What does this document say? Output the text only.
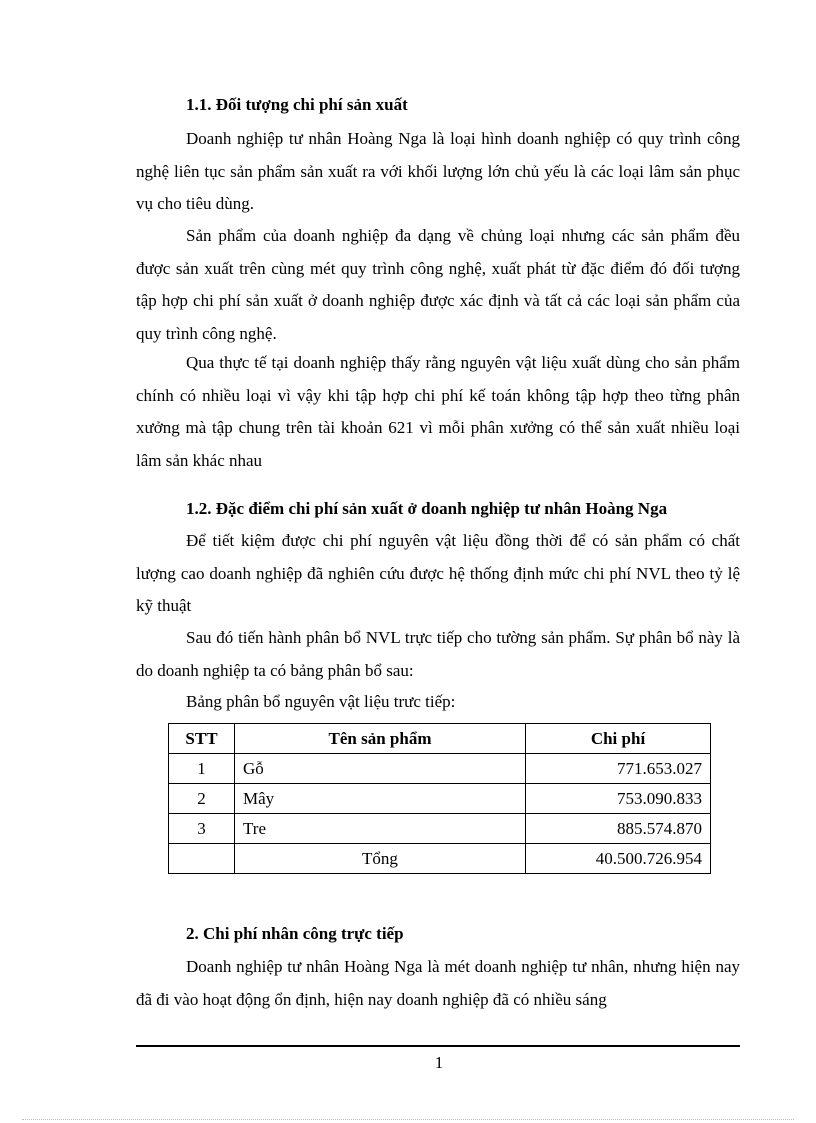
1.1. Đối tượng chi phí sản xuất

Doanh nghiệp tư nhân Hoàng Nga là loại hình doanh nghiệp có quy trình công nghệ liên tục sản phẩm sản xuất ra với khối lượng lớn chủ yếu là các loại lâm sản phục vụ cho tiêu dùng.

Sản phẩm của doanh nghiệp đa dạng về chủng loại nhưng các sản phẩm đều được sản xuất trên cùng mét quy trình công nghệ, xuất phát từ đặc điểm đó đối tượng tập hợp chi phí sản xuất ở doanh nghiệp được xác định và tất cả các loại sản phẩm của quy trình công nghệ.

Qua thực tế tại doanh nghiệp thấy rằng nguyên vật liệu xuất dùng cho sản phẩm chính có nhiều loại vì vậy khi tập hợp chi phí kế toán không tập hợp theo từng phân xưởng mà tập chung trên tài khoản 621 vì mỗi phân xưởng có thể sản xuất nhiều loại lâm sản khác nhau

1.2. Đặc điểm chi phí sản xuất ở doanh nghiệp tư nhân Hoàng Nga

Để tiết kiệm được chi phí nguyên vật liệu đồng thời để có sản phẩm có chất lượng cao doanh nghiệp đã nghiên cứu được hệ thống định mức chi phí NVL theo tỷ lệ kỹ thuật

Sau đó tiến hành phân bổ NVL trực tiếp cho tường sản phẩm. Sự phân bổ này là do doanh nghiệp ta có bảng phân bổ sau:

Bảng phân bổ nguyên vật liệu trưc tiếp:
STT	Tên sản phẩm	Chi phí
1	Gỗ	771.653.027
2	Mây	753.090.833
3	Tre	885.574.870
	Tổng	40.500.726.954
2. Chi phí nhân công trực tiếp

Doanh nghiệp tư nhân Hoàng Nga là mét doanh nghiệp tư nhân, nhưng hiện nay đã đi vào hoạt động ổn định, hiện nay doanh nghiệp đã có nhiều sáng

1
